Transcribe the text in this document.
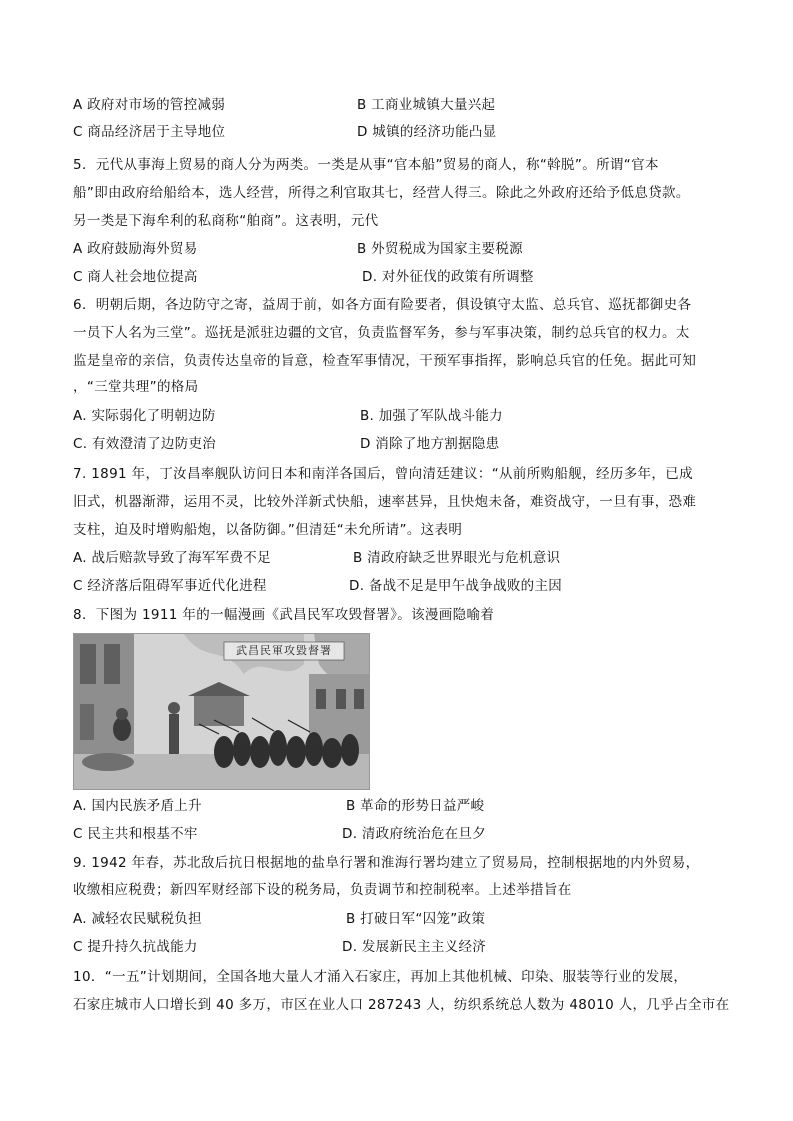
A 政府对市场的管控减弱	B 工商业城镇大量兴起
C 商品经济居于主导地位	D 城镇的经济功能凸显
5．元代从事海上贸易的商人分为两类。一类是从事“官本船”贸易的商人，称“斡脱”。所谓“官本
船”即由政府给船给本，选人经营，所得之利官取其七，经营人得三。除此之外政府还给予低息贷款。
另一类是下海牟利的私商称“舶商”。这表明，元代
A 政府鼓励海外贸易	B 外贸税成为国家主要税源
C 商人社会地位提高	D. 对外征伐的政策有所调整
6．明朝后期，各边防守之寄，益周于前，如各方面有险要者，俱设镇守太监、总兵官、巡抚都御史各
一员下人名为三堂”。巡抚是派驻边疆的文官，负责监督军务，参与军事决策，制约总兵官的权力。太
监是皇帝的亲信，负责传达皇帝的旨意，检查军事情况，干预军事指挥，影响总兵官的任免。据此可知
，“三堂共理”的格局
A. 实际弱化了明朝边防	B. 加强了军队战斗能力
C. 有效澄清了边防吏治	D 消除了地方割据隐患
7. 1891 年，丁汝昌率舰队访问日本和南洋各国后，曾向清廷建议：“从前所购船舰，经历多年，已成
旧式，机器渐滞，运用不灵，比较外洋新式快船，速率甚异，且快炮未备，难资战守，一旦有事，恐难
支柱，迫及时增购船炮，以备防御。”但清廷“未允所请”。这表明
A. 战后赔款导致了海军军费不足	B 清政府缺乏世界眼光与危机意识
C 经济落后阻碍军事近代化进程	D. 备战不足是甲午战争战败的主因
8．下图为 1911 年的一幅漫画《武昌民军攻毁督署》。该漫画隐喻着
武昌民軍攻毀督署
A. 国内民族矛盾上升	B 革命的形势日益严峻
C 民主共和根基不牢	D. 清政府统治危在旦夕
9. 1942 年春，苏北敌后抗日根据地的盐阜行署和淮海行署均建立了贸易局，控制根据地的内外贸易，
收缴相应税费；新四军财经部下设的税务局，负责调节和控制税率。上述举措旨在
A. 减轻农民赋税负担	B 打破日军“囚笼”政策
C 提升持久抗战能力	D. 发展新民主主义经济
10．“一五”计划期间，全国各地大量人才涌入石家庄，再加上其他机械、印染、服装等行业的发展，
石家庄城市人口增长到 40 多万，市区在业人口 287243 人，纺织系统总人数为 48010 人，几乎占全市在
